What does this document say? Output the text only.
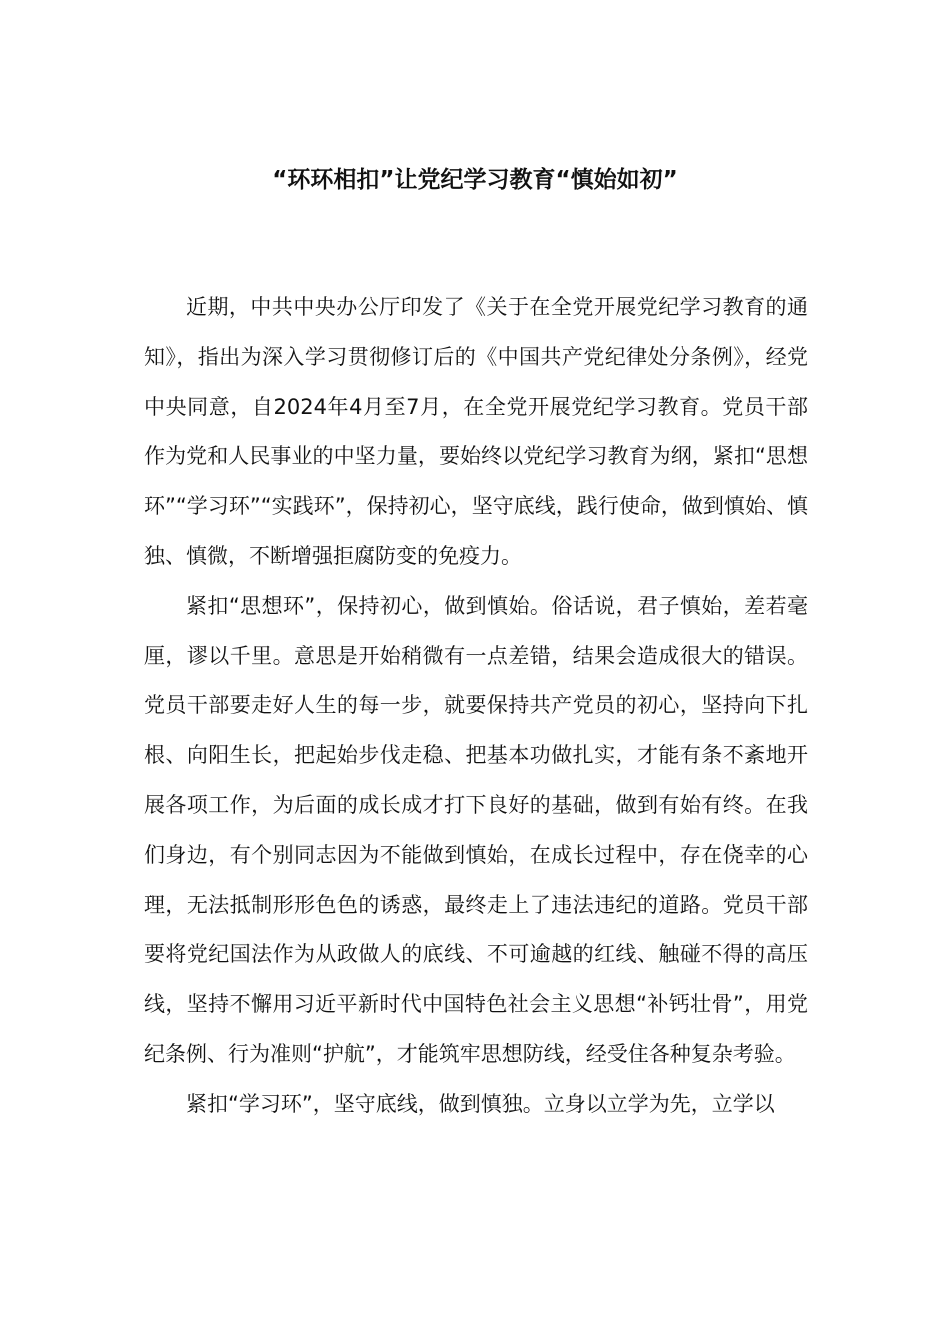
“环环相扣”让党纪学习教育“慎始如初”

近期，中共中央办公厅印发了《关于在全党开展党纪学习教育的通知》，指出为深入学习贯彻修订后的《中国共产党纪律处分条例》，经党中央同意，自2024年4月至7月，在全党开展党纪学习教育。党员干部作为党和人民事业的中坚力量，要始终以党纪学习教育为纲，紧扣“思想环”“学习环”“实践环”，保持初心，坚守底线，践行使命，做到慎始、慎独、慎微，不断增强拒腐防变的免疫力。

紧扣“思想环”，保持初心，做到慎始。俗话说，君子慎始，差若毫厘，谬以千里。意思是开始稍微有一点差错，结果会造成很大的错误。党员干部要走好人生的每一步，就要保持共产党员的初心，坚持向下扎根、向阳生长，把起始步伐走稳、把基本功做扎实，才能有条不紊地开展各项工作，为后面的成长成才打下良好的基础，做到有始有终。在我们身边，有个别同志因为不能做到慎始，在成长过程中，存在侥幸的心理，无法抵制形形色色的诱惑，最终走上了违法违纪的道路。党员干部要将党纪国法作为从政做人的底线、不可逾越的红线、触碰不得的高压线，坚持不懈用习近平新时代中国特色社会主义思想“补钙壮骨”，用党纪条例、行为准则“护航”，才能筑牢思想防线，经受住各种复杂考验。

紧扣“学习环”，坚守底线，做到慎独。立身以立学为先，立学以
